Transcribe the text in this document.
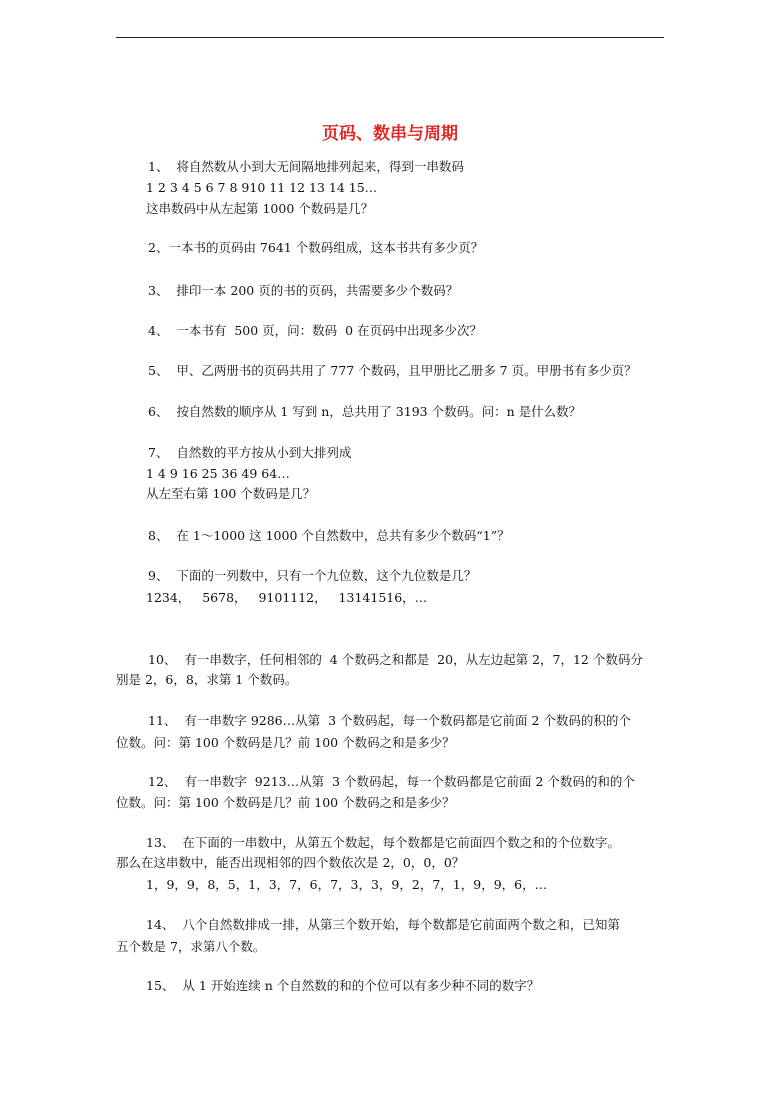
页码、数串与周期
1、  将自然数从小到大无间隔地排列起来，得到一串数码
1 2 3 4 5 6 7 8 910 11 12 13 14 15…
这串数码中从左起第 1000 个数码是几？
2、一本书的页码由 7641 个数码组成，这本书共有多少页？
3、  排印一本 200 页的书的页码，共需要多少个数码？
4、  一本书有  500 页，问：数码  0 在页码中出现多少次？
5、  甲、乙两册书的页码共用了 777 个数码，且甲册比乙册多 7 页。甲册书有多少页？
6、  按自然数的顺序从 1 写到 n，总共用了 3193 个数码。问：n 是什么数？
7、  自然数的平方按从小到大排列成
1 4 9 16 25 36 49 64…
从左至右第 100 个数码是几？
8、  在 1～1000 这 1000 个自然数中，总共有多少个数码“1”？
9、  下面的一列数中，只有一个九位数，这个九位数是几？
1234，   5678，   9101112，   13141516，…
10、  有一串数字，任何相邻的  4 个数码之和都是  20，从左边起第 2，7，12 个数码分
别是 2，6，8，求第 1 个数码。
11、  有一串数字 9286…从第  3 个数码起，每一个数码都是它前面 2 个数码的积的个
位数。问：第 100 个数码是几？前 100 个数码之和是多少？
12、  有一串数字  9213…从第  3 个数码起，每一个数码都是它前面 2 个数码的和的个
位数。问：第 100 个数码是几？前 100 个数码之和是多少？
13、  在下面的一串数中，从第五个数起，每个数都是它前面四个数之和的个位数字。
那么在这串数中，能否出现相邻的四个数依次是 2，0，0，0？
1，9，9，8，5，1，3，7，6，7，3，3，9，2，7，1，9，9，6，…
14、  八个自然数排成一排，从第三个数开始，每个数都是它前面两个数之和，已知第
五个数是 7，求第八个数。
15、  从 1 开始连续 n 个自然数的和的个位可以有多少种不同的数字？
